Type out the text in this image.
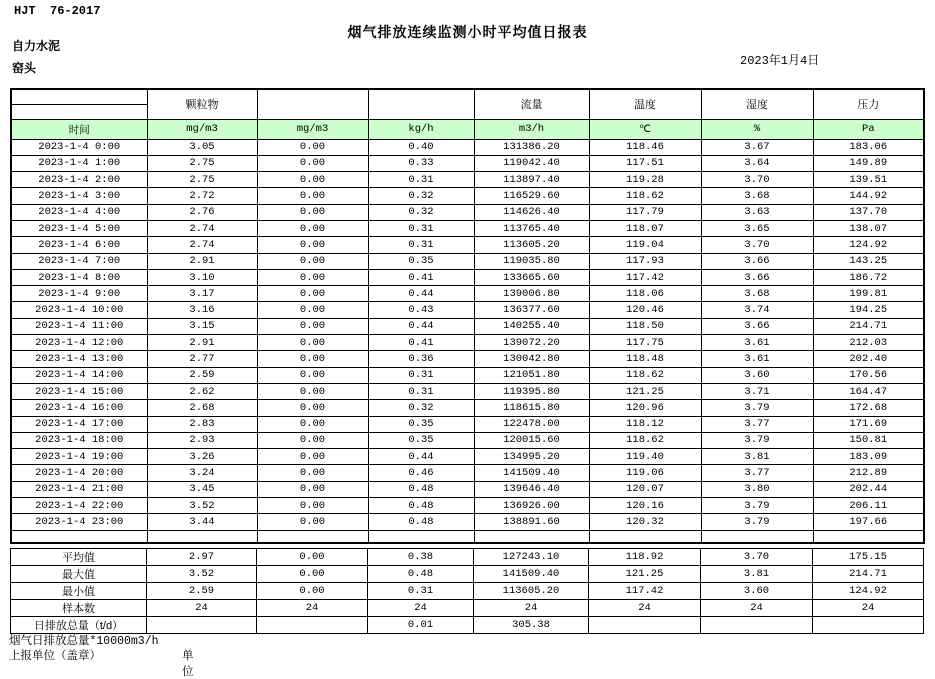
HJT  76-2017
烟气排放连续监测小时平均值日报表
自力水泥
窑头	2023年1月4日
	颗粒物			流量	温度	湿度	压力

时间	mg/m3	mg/m3	kg/h	m3/h	℃	%	Pa
2023-1-4 0:00	3.05	0.00	0.40	131386.20	118.46	3.67	183.06
2023-1-4 1:00	2.75	0.00	0.33	119042.40	117.51	3.64	149.89
2023-1-4 2:00	2.75	0.00	0.31	113897.40	119.28	3.70	139.51
2023-1-4 3:00	2.72	0.00	0.32	116529.60	118.62	3.68	144.92
2023-1-4 4:00	2.76	0.00	0.32	114626.40	117.79	3.63	137.70
2023-1-4 5:00	2.74	0.00	0.31	113765.40	118.07	3.65	138.07
2023-1-4 6:00	2.74	0.00	0.31	113605.20	119.04	3.70	124.92
2023-1-4 7:00	2.91	0.00	0.35	119035.80	117.93	3.66	143.25
2023-1-4 8:00	3.10	0.00	0.41	133665.60	117.42	3.66	186.72
2023-1-4 9:00	3.17	0.00	0.44	139006.80	118.06	3.68	199.81
2023-1-4 10:00	3.16	0.00	0.43	136377.60	120.46	3.74	194.25
2023-1-4 11:00	3.15	0.00	0.44	140255.40	118.50	3.66	214.71
2023-1-4 12:00	2.91	0.00	0.41	139072.20	117.75	3.61	212.03
2023-1-4 13:00	2.77	0.00	0.36	130042.80	118.48	3.61	202.40
2023-1-4 14:00	2.59	0.00	0.31	121051.80	118.62	3.60	170.56
2023-1-4 15:00	2.62	0.00	0.31	119395.80	121.25	3.71	164.47
2023-1-4 16:00	2.68	0.00	0.32	118615.80	120.96	3.79	172.68
2023-1-4 17:00	2.83	0.00	0.35	122478.00	118.12	3.77	171.69
2023-1-4 18:00	2.93	0.00	0.35	120015.60	118.62	3.79	150.81
2023-1-4 19:00	3.26	0.00	0.44	134995.20	119.40	3.81	183.09
2023-1-4 20:00	3.24	0.00	0.46	141509.40	119.06	3.77	212.89
2023-1-4 21:00	3.45	0.00	0.48	139646.40	120.07	3.80	202.44
2023-1-4 22:00	3.52	0.00	0.48	136926.00	120.16	3.79	206.11
2023-1-4 23:00	3.44	0.00	0.48	138891.60	120.32	3.79	197.66

平均值	2.97	0.00	0.38	127243.10	118.92	3.70	175.15
最大值	3.52	0.00	0.48	141509.40	121.25	3.81	214.71
最小值	2.59	0.00	0.31	113605.20	117.42	3.60	124.92
样本数	24	24	24	24	24	24	24
日排放总量（t/d）			0.01	305.38			
烟气日排放总量*10000m3/h
上报单位（盖章）	单位
